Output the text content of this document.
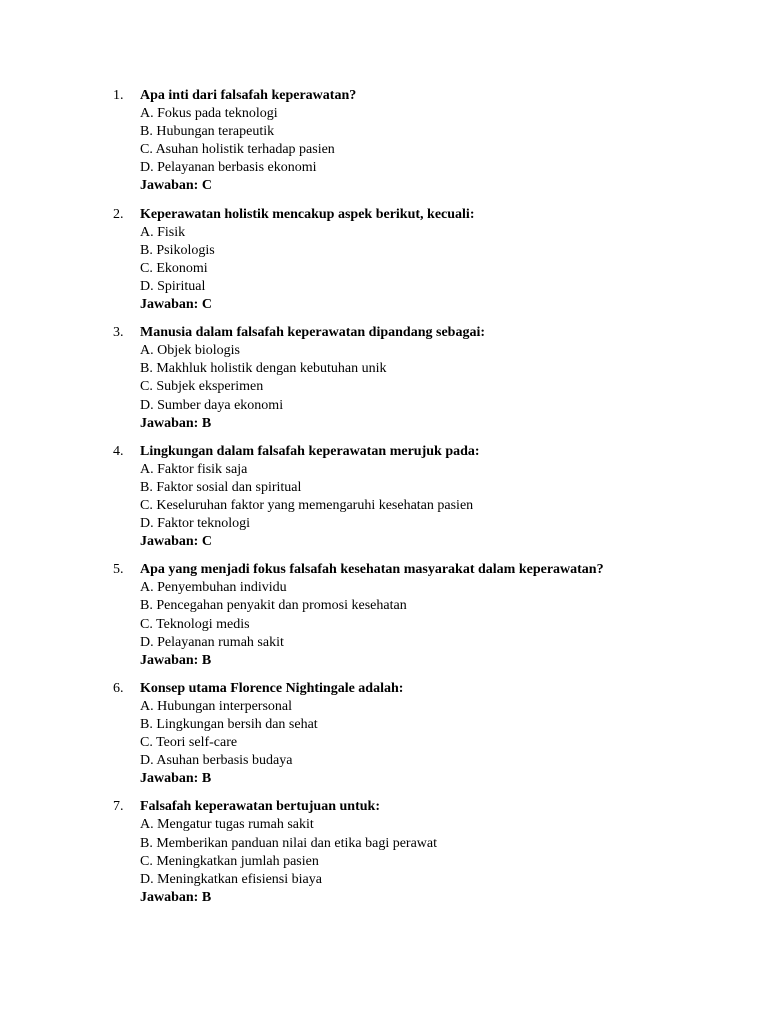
1. Apa inti dari falsafah keperawatan?
A. Fokus pada teknologi
B. Hubungan terapeutik
C. Asuhan holistik terhadap pasien
D. Pelayanan berbasis ekonomi
Jawaban: C
2. Keperawatan holistik mencakup aspek berikut, kecuali:
A. Fisik
B. Psikologis
C. Ekonomi
D. Spiritual
Jawaban: C
3. Manusia dalam falsafah keperawatan dipandang sebagai:
A. Objek biologis
B. Makhluk holistik dengan kebutuhan unik
C. Subjek eksperimen
D. Sumber daya ekonomi
Jawaban: B
4. Lingkungan dalam falsafah keperawatan merujuk pada:
A. Faktor fisik saja
B. Faktor sosial dan spiritual
C. Keseluruhan faktor yang memengaruhi kesehatan pasien
D. Faktor teknologi
Jawaban: C
5. Apa yang menjadi fokus falsafah kesehatan masyarakat dalam keperawatan?
A. Penyembuhan individu
B. Pencegahan penyakit dan promosi kesehatan
C. Teknologi medis
D. Pelayanan rumah sakit
Jawaban: B
6. Konsep utama Florence Nightingale adalah:
A. Hubungan interpersonal
B. Lingkungan bersih dan sehat
C. Teori self-care
D. Asuhan berbasis budaya
Jawaban: B
7. Falsafah keperawatan bertujuan untuk:
A. Mengatur tugas rumah sakit
B. Memberikan panduan nilai dan etika bagi perawat
C. Meningkatkan jumlah pasien
D. Meningkatkan efisiensi biaya
Jawaban: B
